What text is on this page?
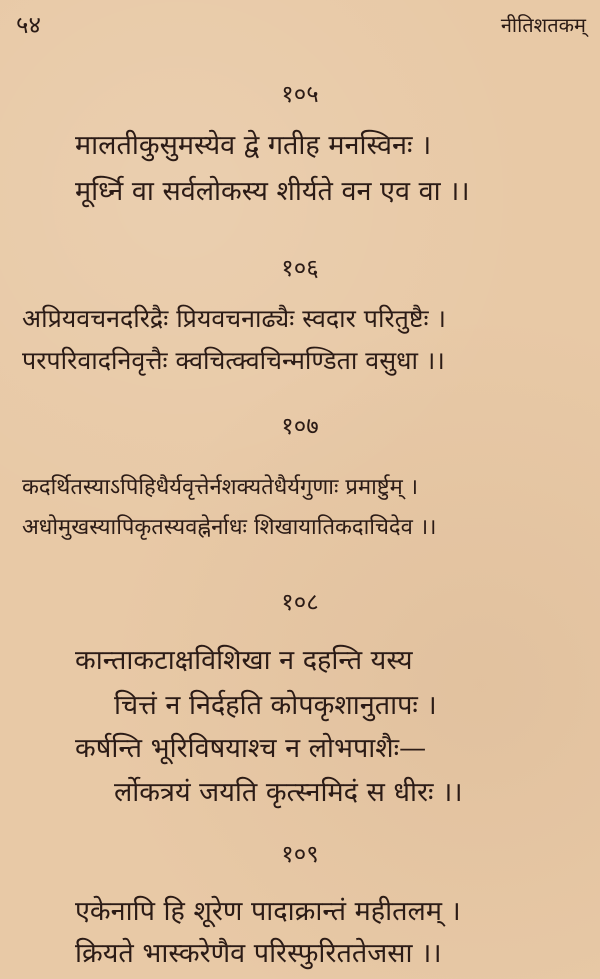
५४	नीतिशतकम्
१०५
मालतीकुसुमस्येव द्वे गतीह मनस्विनः ।
मूर्ध्नि वा सर्वलोकस्य शीर्यते वन एव वा ।।
१०६
अप्रियवचनदरिद्रैः प्रियवचनाढ्यैः स्वदार परितुष्टैः ।
परपरिवादनिवृत्तैः क्वचित्क्वचिन्मण्डिता वसुधा ।।
१०७
कदर्थितस्याऽपिहिधैर्यवृत्तेर्नशक्यतेधैर्यगुणाः प्रमार्ष्टुम् ।
अधोमुखस्यापिकृतस्यवह्नेर्नाधः शिखायातिकदाचिदेव ।।
१०८
कान्ताकटाक्षविशिखा न दहन्ति यस्य
चित्तं न निर्दहति कोपकृशानुतापः ।
कर्षन्ति भूरिविषयाश्च न लोभपाशैः—
र्लोकत्रयं जयति कृत्स्नमिदं स धीरः ।।
१०९
एकेनापि हि शूरेण पादाक्रान्तं महीतलम् ।
क्रियते भास्करेणैव परिस्फुरिततेजसा ।।
